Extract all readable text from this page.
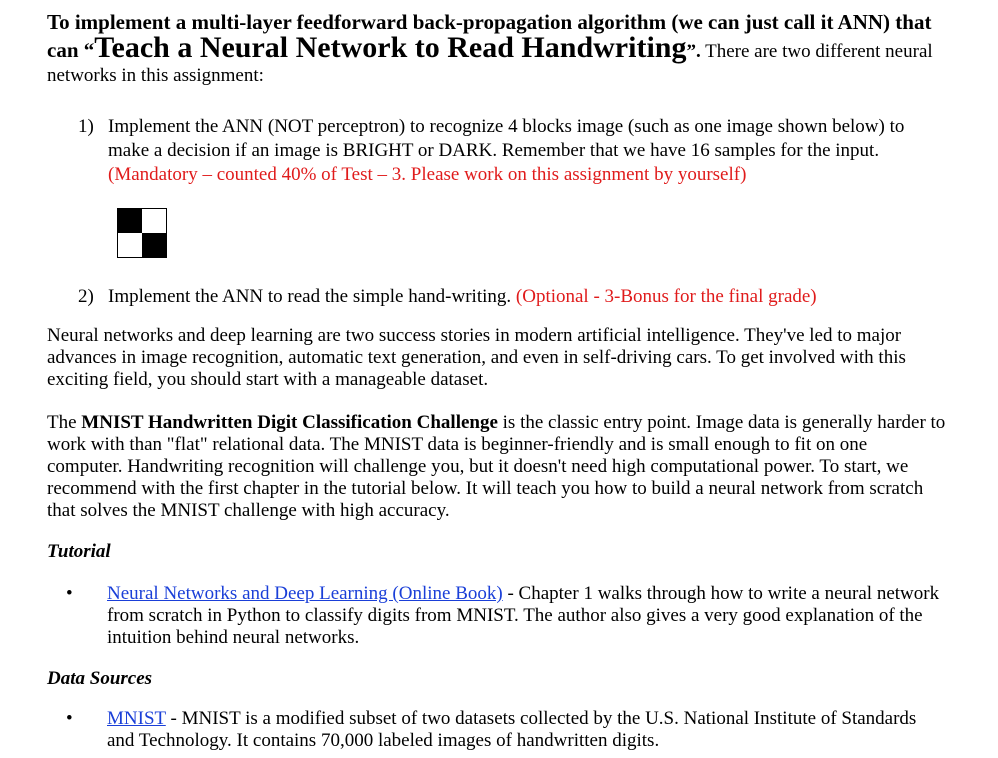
To implement a multi-layer feedforward back-propagation algorithm (we can just call it ANN) that can “Teach a Neural Network to Read Handwriting”. There are two different neural networks in this assignment:
1) Implement the ANN (NOT perceptron) to recognize 4 blocks image (such as one image shown below) to make a decision if an image is BRIGHT or DARK. Remember that we have 16 samples for the input. (Mandatory – counted 40% of Test – 3. Please work on this assignment by yourself)
2) Implement the ANN to read the simple hand-writing. (Optional - 3-Bonus for the final grade)
Neural networks and deep learning are two success stories in modern artificial intelligence. They've led to major advances in image recognition, automatic text generation, and even in self-driving cars. To get involved with this exciting field, you should start with a manageable dataset.
The MNIST Handwritten Digit Classification Challenge is the classic entry point. Image data is generally harder to work with than "flat" relational data. The MNIST data is beginner-friendly and is small enough to fit on one computer. Handwriting recognition will challenge you, but it doesn't need high computational power. To start, we recommend with the first chapter in the tutorial below. It will teach you how to build a neural network from scratch that solves the MNIST challenge with high accuracy.
Tutorial
• Neural Networks and Deep Learning (Online Book) - Chapter 1 walks through how to write a neural network from scratch in Python to classify digits from MNIST. The author also gives a very good explanation of the intuition behind neural networks.
Data Sources
• MNIST - MNIST is a modified subset of two datasets collected by the U.S. National Institute of Standards and Technology. It contains 70,000 labeled images of handwritten digits.
